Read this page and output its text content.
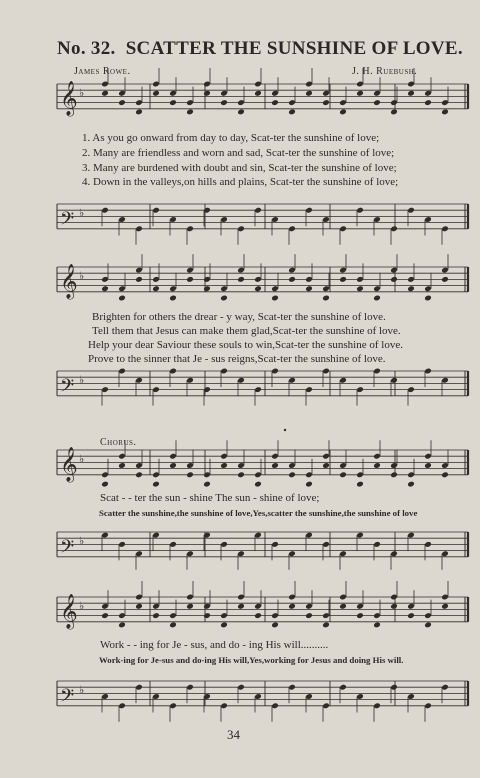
No. 32. SCATTER THE SUNSHINE OF LOVE.
James Rowe.	J. H. Ruebush.
𝄞 ♭
𝄢 ♭
𝄞 ♭
𝄢 ♭
𝄞 ♭
𝄢 ♭
𝄞 ♭
𝄢 ♭
1. As you go onward from day to day, Scat-ter the sunshine of love;
2. Many are friendless and worn and sad, Scat-ter the sunshine of love;
3. Many are burdened with doubt and sin, Scat-ter the sunshine of love;
4. Down in the valleys,on hills and plains, Scat-ter the sunshine of love;
Brighten for others the drear - y way, Scat-ter the sunshine of love.
Tell them that Jesus can make them glad,Scat-ter the sunshine of love.
Help your dear Saviour these souls to win,Scat-ter the sunshine of love.
Prove to the sinner that Je - sus reigns,Scat-ter the sunshine of love.
Chorus.
Scat - - ter the sun - shine The sun - shine of love;
Scatter the sunshine,the sunshine of love,Yes,scatter the sunshine,the sunshine of love
Work - - ing for Je - sus, and do - ing His will..........
Work-ing for Je-sus and do-ing His will,Yes,working for Jesus and doing His will.
34
